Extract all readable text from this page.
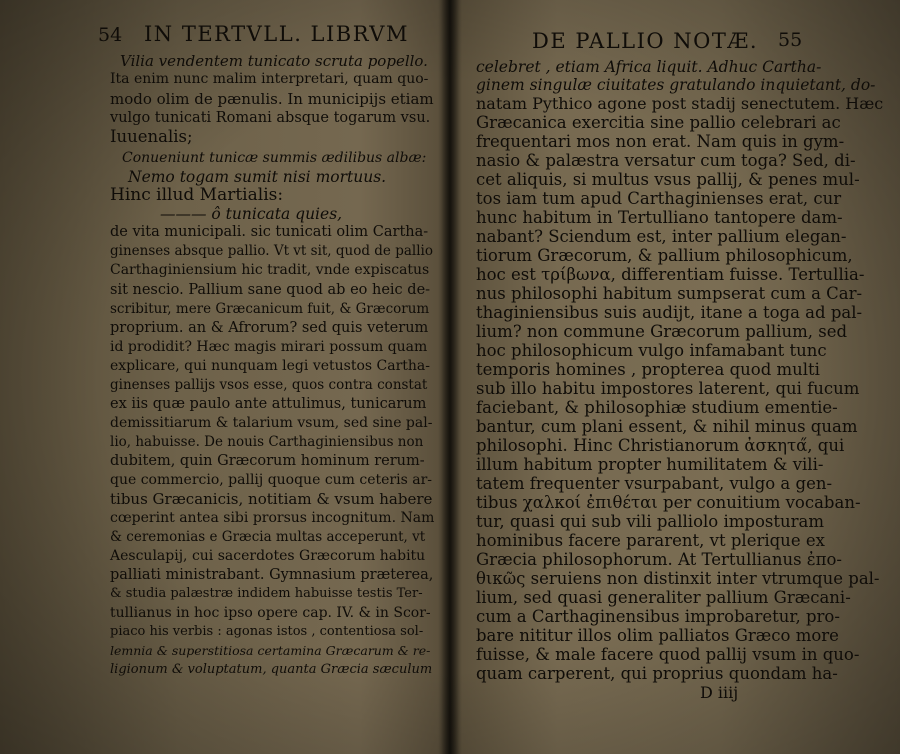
54 IN TERTVLL. LIBRVM
Vilia vendentem tunicato scruta popello.
Ita enim nunc malim interpretari, quam quo-
modo olim de pænulis. In municipijs etiam
vulgo tunicati Romani absque togarum vsu.
Iuuenalis;
Conueniunt tunicæ summis ædilibus albæ:
Nemo togam sumit nisi mortuus.
Hinc illud Martialis:
——— ô tunicata quies,
de vita municipali. sic tunicati olim Cartha-
ginenses absque pallio. Vt vt sit, quod de pallio
Carthaginiensium hic tradit, vnde expiscatus
sit nescio. Pallium sane quod ab eo heic de-
scribitur, mere Græcanicum fuit, & Græcorum
proprium. an & Afrorum? sed quis veterum
id prodidit? Hæc magis mirari possum quam
explicare, qui nunquam legi vetustos Cartha-
ginenses pallijs vsos esse, quos contra constat
ex iis quæ paulo ante attulimus, tunicarum
demissitiarum & talarium vsum, sed sine pal-
lio, habuisse. De nouis Carthaginiensibus non
dubitem, quin Græcorum hominum rerum-
que commercio, pallij quoque cum ceteris ar-
tibus Græcanicis, notitiam & vsum habere
cœperint antea sibi prorsus incognitum. Nam
& ceremonias e Græcia multas acceperunt, vt
Aesculapij, cui sacerdotes Græcorum habitu
palliati ministrabant. Gymnasium præterea,
& studia palæstræ indidem habuisse testis Ter-
tullianus in hoc ipso opere cap. IV. & in Scor-
piaco his verbis : agonas istos , contentiosa sol-
lemnia & superstitiosa certamina Græcarum & re-
ligionum & voluptatum, quanta Græcia sæculum
DE PALLIO NOTÆ. 55
celebret , etiam Africa liquit. Adhuc Cartha-
ginem singulæ ciuitates gratulando inquietant, do-
natam Pythico agone post stadij senectutem. Hæc
Græcanica exercitia sine pallio celebrari ac
frequentari mos non erat. Nam quis in gym-
nasio & palæstra versatur cum toga? Sed, di-
cet aliquis, si multus vsus pallij, & penes mul-
tos iam tum apud Carthaginienses erat, cur
hunc habitum in Tertulliano tantopere dam-
nabant? Sciendum est, inter pallium elegan-
tiorum Græcorum, & pallium philosophicum,
hoc est τρίβωνα, differentiam fuisse. Tertullia-
nus philosophi habitum sumpserat cum a Car-
thaginiensibus suis audijt, itane a toga ad pal-
lium? non commune Græcorum pallium, sed
hoc philosophicum vulgo infamabant tunc
temporis homines , propterea quod multi
sub illo habitu impostores laterent, qui fucum
faciebant, & philosophiæ studium ementie-
bantur, cum plani essent, & nihil minus quam
philosophi. Hinc Christianorum ἀσκητα̋, qui
illum habitum propter humilitatem & vili-
tatem frequenter vsurpabant, vulgo a gen-
tibus χαλκοί ἐπιθέται per conuitium vocaban-
tur, quasi qui sub vili palliolo imposturam
hominibus facere pararent, vt plerique ex
Græcia philosophorum. At Tertullianus ἐπο-
θικῶς seruiens non distinxit inter vtrumque pal-
lium, sed quasi generaliter pallium Græcani-
cum a Carthaginensibus improbaretur, pro-
bare nititur illos olim palliatos Græco more
fuisse, & male facere quod pallij vsum in quo-
quam carperent, qui proprius quondam ha-
D iiij
